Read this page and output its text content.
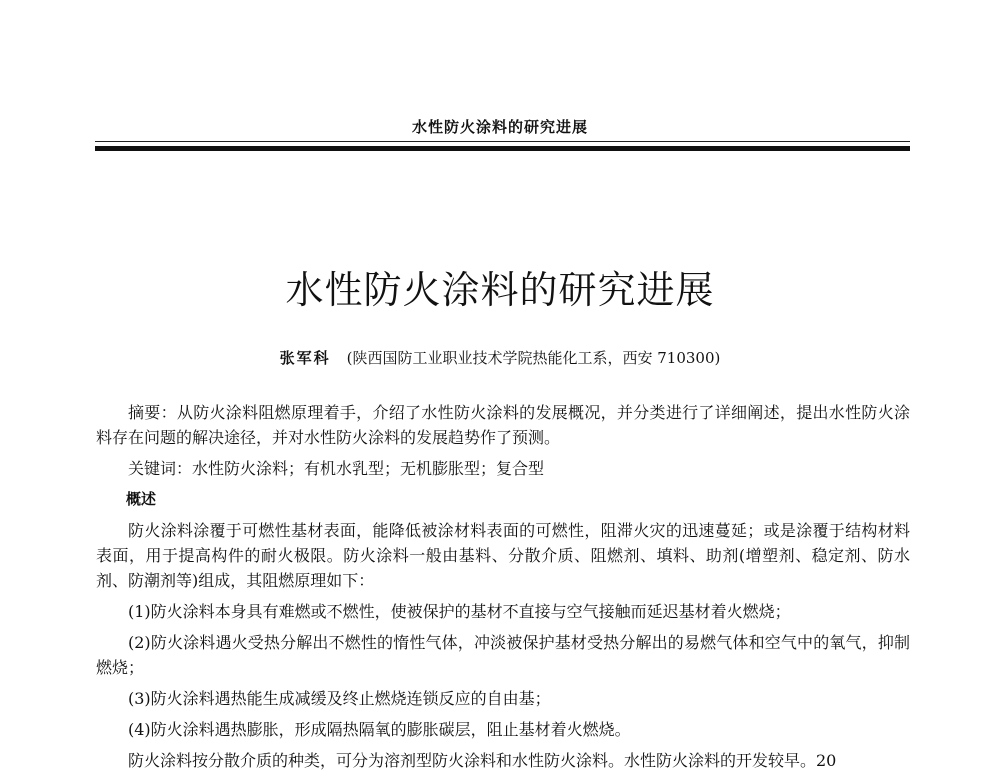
水性防火涂料的研究进展
水性防火涂料的研究进展
张军科 (陕西国防工业职业技术学院热能化工系，西安 710300)

摘要：从防火涂料阻燃原理着手，介绍了水性防火涂料的发展概况，并分类进行了详细阐述，提出水性防火涂料存在问题的解决途径，并对水性防火涂料的发展趋势作了预测。

关键词：水性防火涂料；有机水乳型；无机膨胀型；复合型

概述

防火涂料涂覆于可燃性基材表面，能降低被涂材料表面的可燃性，阻滞火灾的迅速蔓延；或是涂覆于结构材料表面，用于提高构件的耐火极限。防火涂料一般由基料、分散介质、阻燃剂、填料、助剂(增塑剂、稳定剂、防水剂、防潮剂等)组成，其阻燃原理如下：

(1)防火涂料本身具有难燃或不燃性，使被保护的基材不直接与空气接触而延迟基材着火燃烧；

(2)防火涂料遇火受热分解出不燃性的惰性气体，冲淡被保护基材受热分解出的易燃气体和空气中的氧气，抑制燃烧；

(3)防火涂料遇热能生成减缓及终止燃烧连锁反应的自由基；

(4)防火涂料遇热膨胀，形成隔热隔氧的膨胀碳层，阻止基材着火燃烧。

防火涂料按分散介质的种类，可分为溶剂型防火涂料和水性防火涂料。水性防火涂料的开发较早。20
